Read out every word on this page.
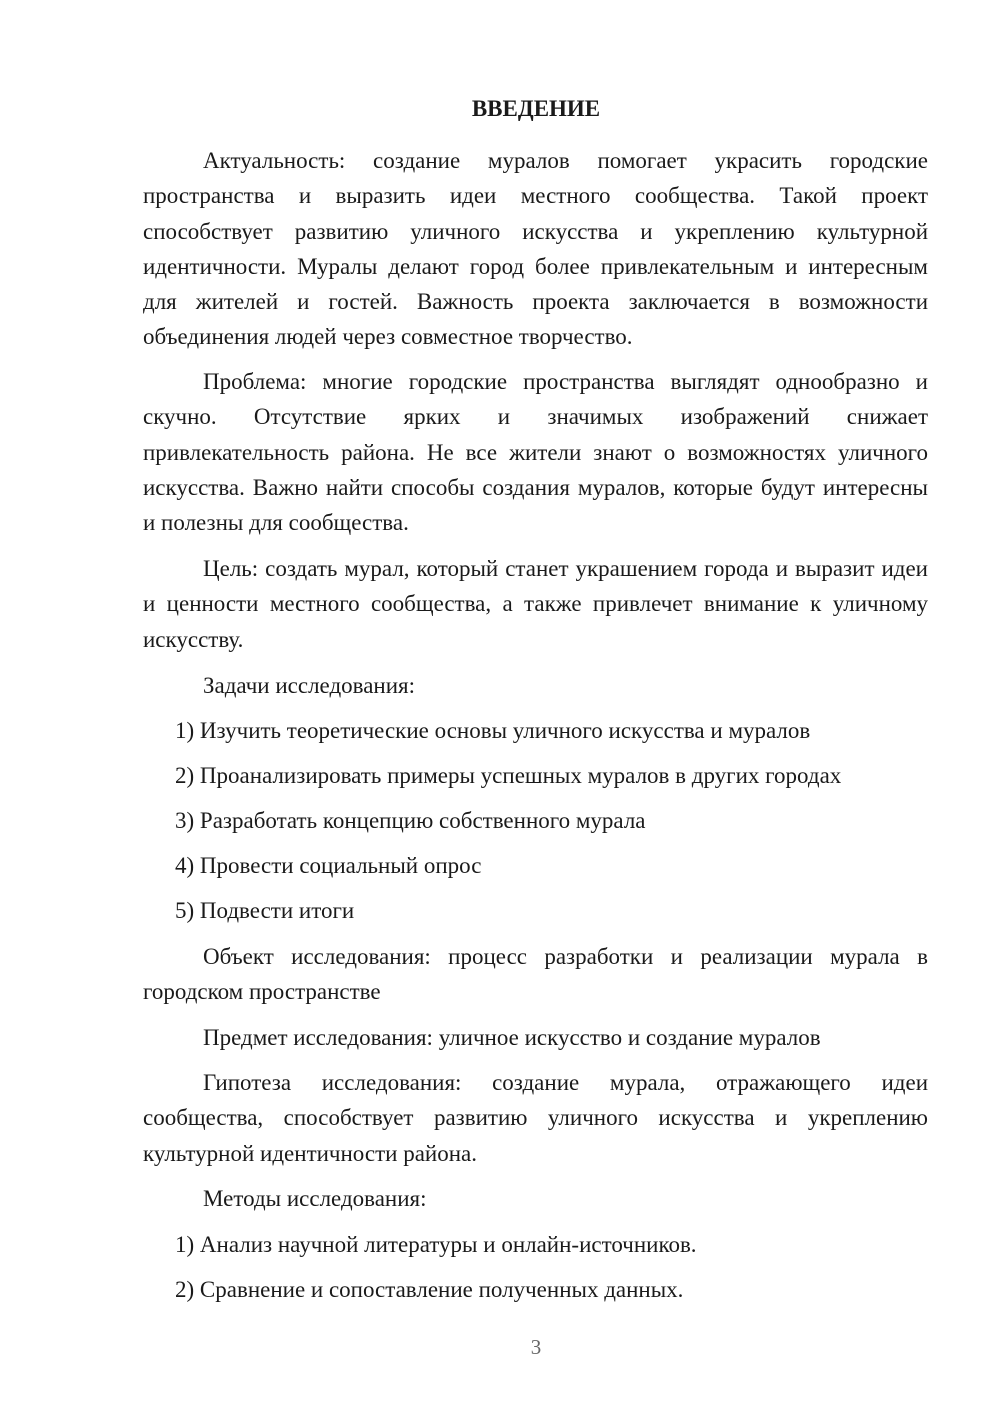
ВВЕДЕНИЕ

Актуальность: создание муралов помогает украсить городские пространства и выразить идеи местного сообщества. Такой проект способствует развитию уличного искусства и укреплению культурной идентичности. Муралы делают город более привлекательным и интересным для жителей и гостей. Важность проекта заключается в возможности объединения людей через совместное творчество.

Проблема: многие городские пространства выглядят однообразно и скучно. Отсутствие ярких и значимых изображений снижает привлекательность района. Не все жители знают о возможностях уличного искусства. Важно найти способы создания муралов, которые будут интересны и полезны для сообщества.

Цель: создать мурал, который станет украшением города и выразит идеи и ценности местного сообщества, а также привлечет внимание к уличному искусству.

Задачи исследования:

1) Изучить теоретические основы уличного искусства и муралов

2) Проанализировать примеры успешных муралов в других городах

3) Разработать концепцию собственного мурала

4) Провести социальный опрос

5) Подвести итоги

Объект исследования: процесс разработки и реализации мурала в городском пространстве

Предмет исследования: уличное искусство и создание муралов

Гипотеза исследования: создание мурала, отражающего идеи сообщества, способствует развитию уличного искусства и укреплению культурной идентичности района.

Методы исследования:

1) Анализ научной литературы и онлайн-источников.

2) Сравнение и сопоставление полученных данных.

3
